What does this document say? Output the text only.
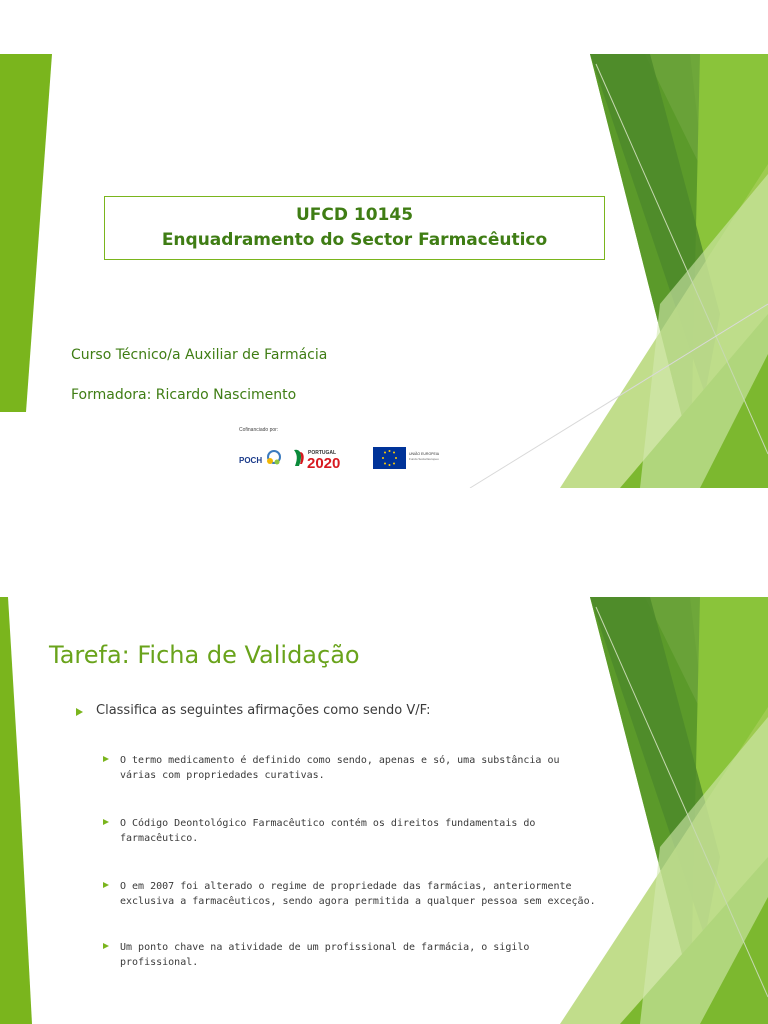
UFCD 10145
Enquadramento do Sector Farmacêutico
Curso Técnico/a Auxiliar de Farmácia
Formadora: Ricardo Nascimento
Cofinanciado por:
POCH
PORTUGAL
2020
UNIÃO EUROPEIA
Fundo Social Europeu
Tarefa: Ficha de Validação
Classifica as seguintes afirmações como sendo V/F:
O termo medicamento é definido como sendo, apenas e só, uma substância ou
várias com propriedades curativas.
O Código Deontológico Farmacêutico contém os direitos fundamentais do
farmacêutico.
O em 2007 foi alterado o regime de propriedade das farmácias, anteriormente
exclusiva a farmacêuticos, sendo agora permitida a qualquer pessoa sem exceção.
Um ponto chave na atividade de um profissional de farmácia, o sigilo profissional.
